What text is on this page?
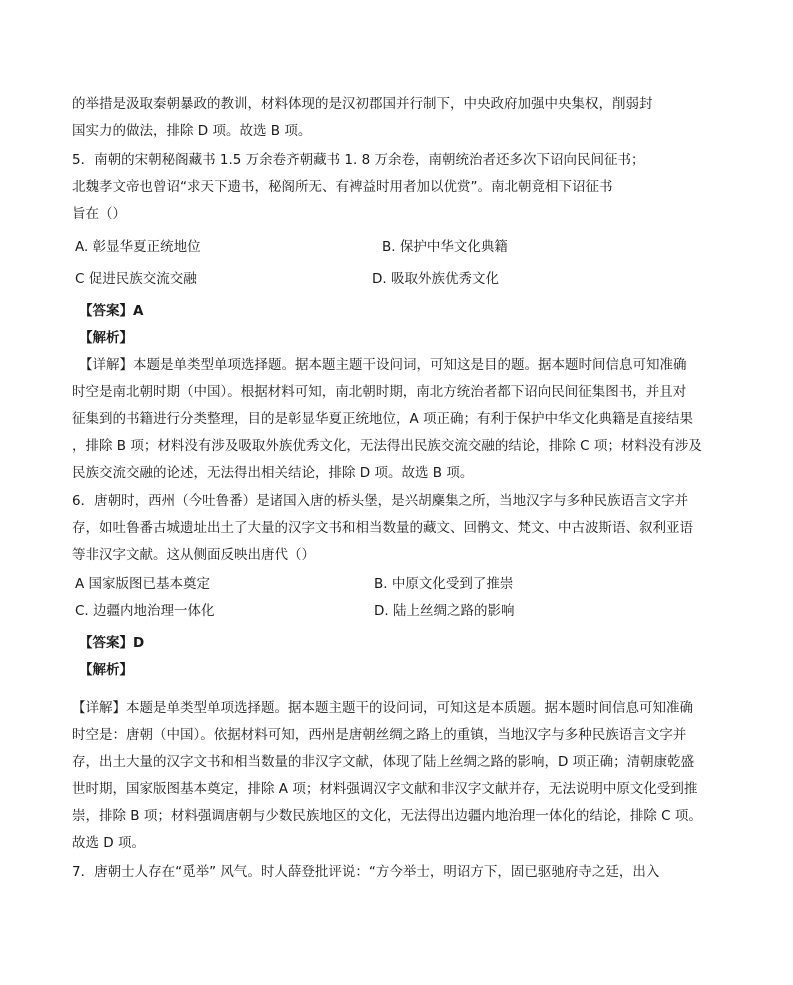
的举措是汲取秦朝暴政的教训，材料体现的是汉初郡国并行制下，中央政府加强中央集权，削弱封
国实力的做法，排除 D 项。故选 B 项。
5．南朝的宋朝秘阁藏书 1.5 万余卷齐朝藏书 1. 8 万余卷，南朝统治者还多次下诏向民间征书；
北魏孝文帝也曾诏“求天下遗书，秘阁所无、有裨益时用者加以优赏”。南北朝竟相下诏征书
旨在（）
A. 彰显华夏正统地位	B. 保护中华文化典籍
C 促进民族交流交融	D. 吸取外族优秀文化
【答案】A
【解析】
【详解】本题是单类型单项选择题。据本题主题干设问词，可知这是目的题。据本题时间信息可知准确
时空是南北朝时期（中国）。根据材料可知，南北朝时期，南北方统治者都下诏向民间征集图书，并且对
征集到的书籍进行分类整理，目的是彰显华夏正统地位，A 项正确；有利于保护中华文化典籍是直接结果
，排除 B 项；材料没有涉及吸取外族优秀文化，无法得出民族交流交融的结论，排除 C 项；材料没有涉及
民族交流交融的论述，无法得出相关结论，排除 D 项。故选 B 项。
6．唐朝时，西州（今吐鲁番）是诸国入唐的桥头堡，是兴胡麇集之所，当地汉字与多种民族语言文字并
存，如吐鲁番古城遗址出土了大量的汉字文书和相当数量的藏文、回鹘文、梵文、中古波斯语、叙利亚语
等非汉字文献。这从侧面反映出唐代（）
A 国家版图已基本奠定	B. 中原文化受到了推崇
C. 边疆内地治理一体化	D. 陆上丝绸之路的影响
【答案】D
【解析】
【详解】本题是单类型单项选择题。据本题主题干的设问词，可知这是本质题。据本题时间信息可知准确
时空是：唐朝（中国）。依据材料可知，西州是唐朝丝绸之路上的重镇，当地汉字与多种民族语言文字并
存，出土大量的汉字文书和相当数量的非汉字文献，体现了陆上丝绸之路的影响，D 项正确；清朝康乾盛
世时期，国家版图基本奠定，排除 A 项；材料强调汉字文献和非汉字文献并存，无法说明中原文化受到推
崇，排除 B 项；材料强调唐朝与少数民族地区的文化，无法得出边疆内地治理一体化的结论，排除 C 项。
故选 D 项。
7．唐朝士人存在“觅举” 风气。时人薛登批评说：“方今举士，明诏方下，固已驱驰府寺之廷，出入
